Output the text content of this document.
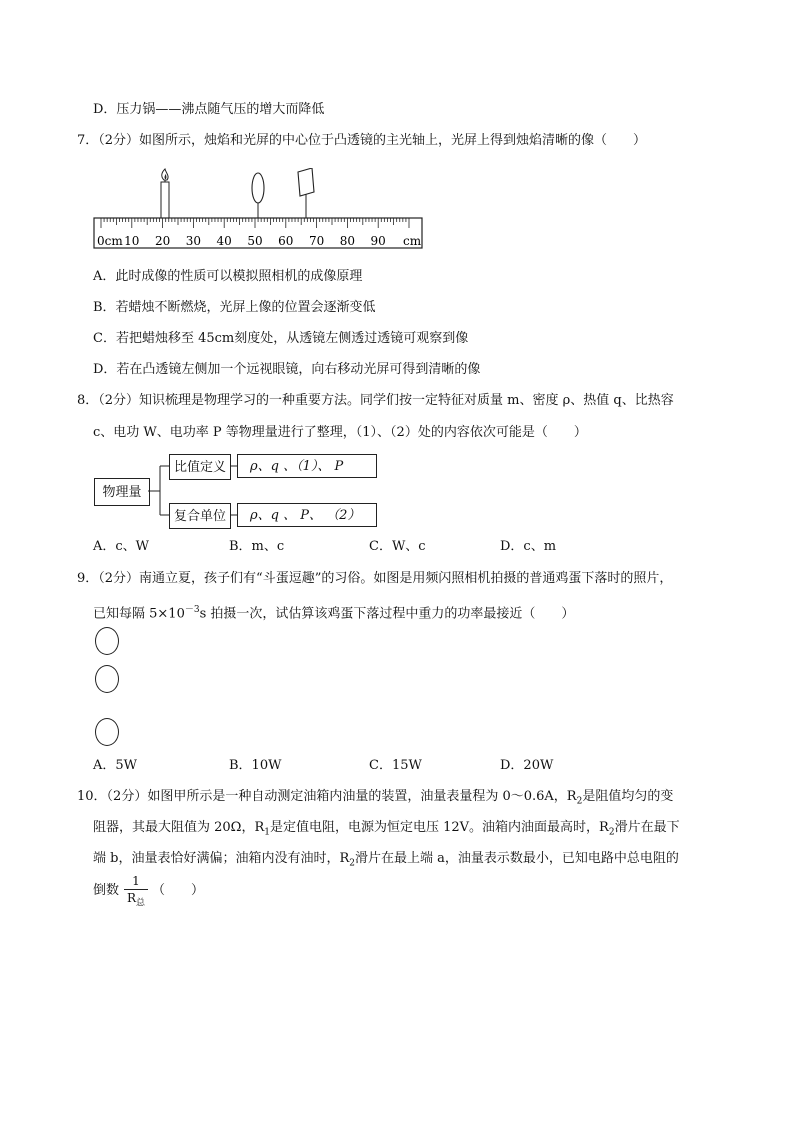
D．压力锅——沸点随气压的增大而降低
7．（2分）如图所示，烛焰和光屏的中心位于凸透镜的主光轴上，光屏上得到烛焰清晰的像（　　）
0cm 10 20 30 40 50 60 70 80 90 cm
A．此时成像的性质可以模拟照相机的成像原理
B．若蜡烛不断燃烧，光屏上像的位置会逐渐变低
C．若把蜡烛移至 45cm刻度处，从透镜左侧透过透镜可观察到像
D．若在凸透镜左侧加一个远视眼镜，向右移动光屏可得到清晰的像
8．（2分）知识梳理是物理学习的一种重要方法。同学们按一定特征对质量 m、密度 ρ、热值 q、比热容
c、电功 W、电功率 P 等物理量进行了整理，（1）、（2）处的内容依次可能是（　　）
物理量
比值定义	ρ、q 、（1）、 P
复合单位	ρ、q 、 P、 （2）
A．c、W	B．m、c	C．W、c	D．c、m
9．（2分）南通立夏，孩子们有“斗蛋逗趣”的习俗。如图是用频闪照相机拍摄的普通鸡蛋下落时的照片，
已知每隔 $5\times 10^{-3}s$ 拍摄一次，试估算该鸡蛋下落过程中重力的功率最接近（　　）
A．5W	B．10W	C．15W	D．20W
10．（2分）如图甲所示是一种自动测定油箱内油量的装置，油量表量程为 0～0.6A，$R_2$是阻值均匀的变
阻器，其最大阻值为 20Ω，$R_1$是定值电阻，电源为恒定电压 12V。油箱内油面最高时，$R_2$滑片在最下
端 b，油量表恰好满偏；油箱内没有油时，$R_2$滑片在最上端 a，油量表示数最小，已知电路中总电阻的
倒数
1
$R_总$
（　　）
